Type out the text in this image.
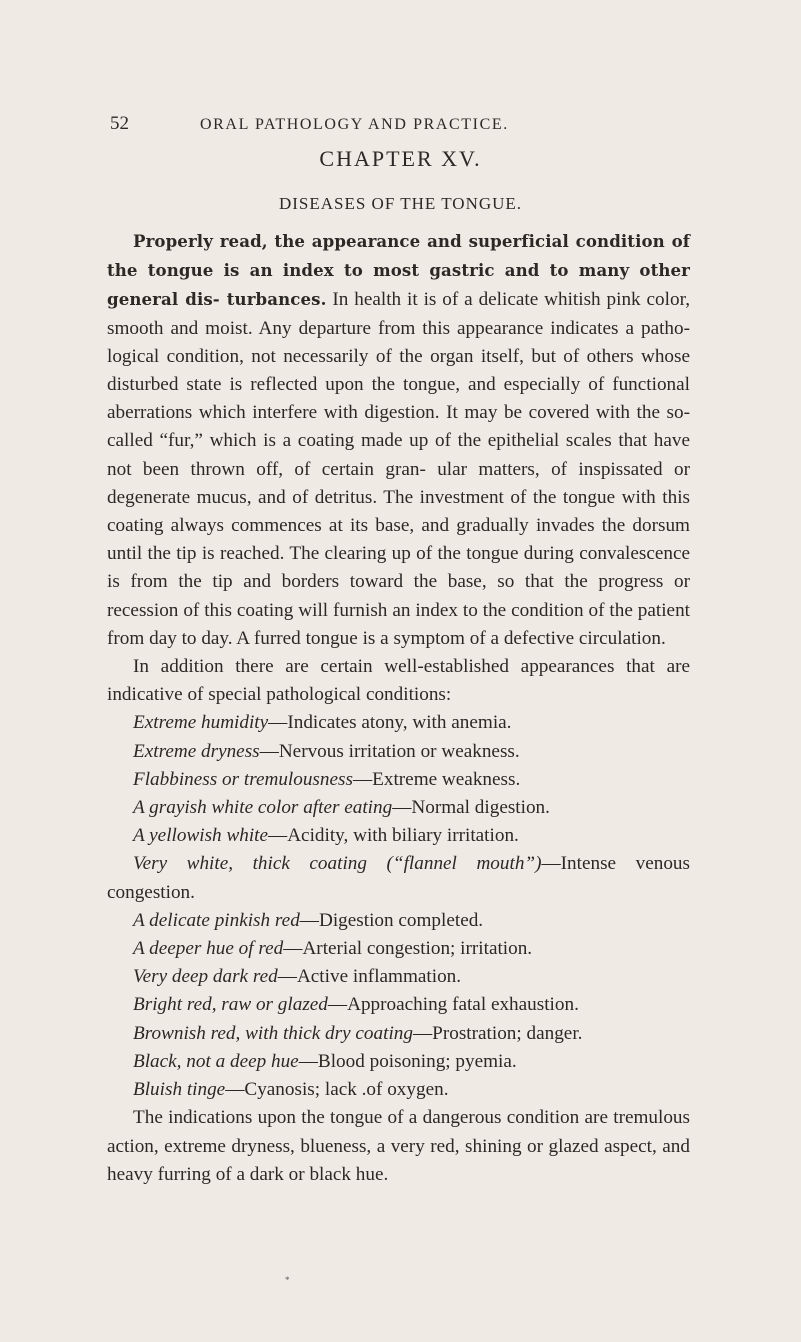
52	ORAL PATHOLOGY AND PRACTICE.
CHAPTER XV.
DISEASES OF THE TONGUE.

Properly read, the appearance and superficial condition of the tongue is an index to most gastric and to many other general dis- turbances. In health it is of a delicate whitish pink color, smooth and moist. Any departure from this appearance indicates a patho- logical condition, not necessarily of the organ itself, but of others whose disturbed state is reflected upon the tongue, and especially of functional aberrations which interfere with digestion. It may be covered with the so-called “fur,” which is a coating made up of the epithelial scales that have not been thrown off, of certain gran- ular matters, of inspissated or degenerate mucus, and of detritus. The investment of the tongue with this coating always commences at its base, and gradually invades the dorsum until the tip is reached. The clearing up of the tongue during convalescence is from the tip and borders toward the base, so that the progress or recession of this coating will furnish an index to the condition of the patient from day to day. A furred tongue is a symptom of a defective circulation.

In addition there are certain well-established appearances that are indicative of special pathological conditions:

Extreme humidity—Indicates atony, with anemia.

Extreme dryness—Nervous irritation or weakness.

Flabbiness or tremulousness—Extreme weakness.

A grayish white color after eating—Normal digestion.

A yellowish white—Acidity, with biliary irritation.

Very white, thick coating (“flannel mouth”)—Intense venous congestion.

A delicate pinkish red—Digestion completed.

A deeper hue of red—Arterial congestion; irritation.

Very deep dark red—Active inflammation.

Bright red, raw or glazed—Approaching fatal exhaustion.

Brownish red, with thick dry coating—Prostration; danger.

Black, not a deep hue—Blood poisoning; pyemia.

Bluish tinge—Cyanosis; lack .of oxygen.

The indications upon the tongue of a dangerous condition are tremulous action, extreme dryness, blueness, a very red, shining or glazed aspect, and heavy furring of a dark or black hue.

*
